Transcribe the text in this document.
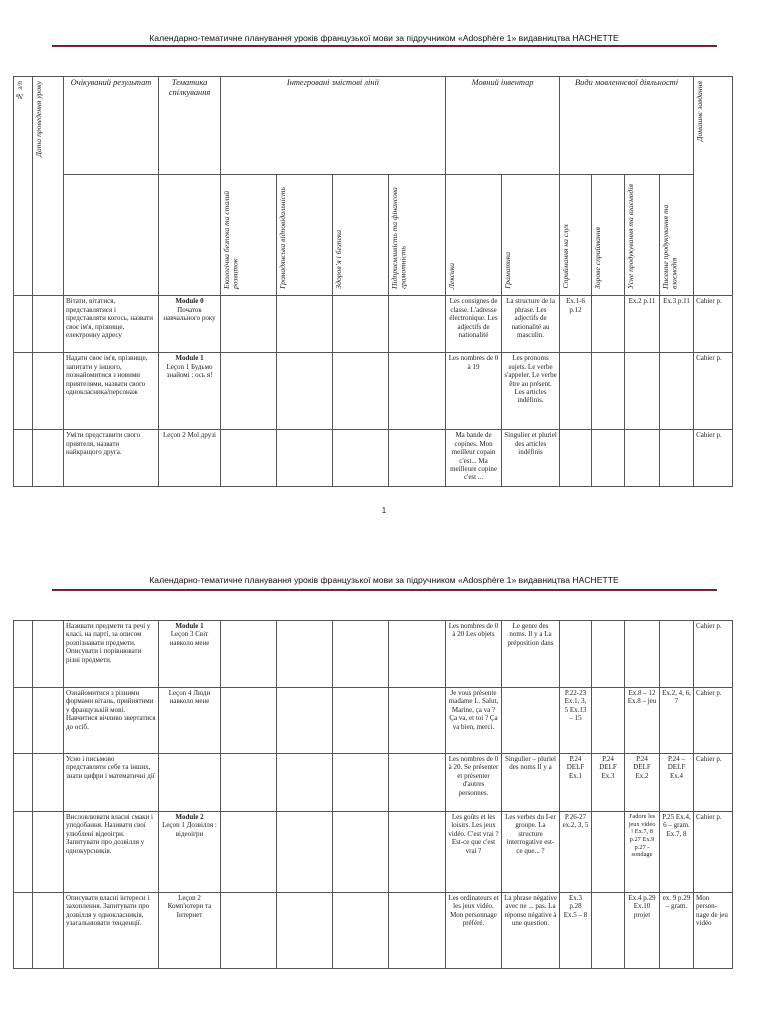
Календарно-тематичне планування уроків французької мови за підручником «Adosphère 1» видавництва HACHETTE
№ з/п	Дата проведення уроку	Очікуваний результат	Тематика спілкування	Інтегровані змістові лінії				Мовний інвентар		Види мовленнєвої діяльності				Домашнє завдання
				Екологічна безпека та сталий розвиток	Громадянська відповідальність	Здоров’я і безпека	Підприємливість та фінансова грамотність	Лексика	Граматика	Сприймання на слух	Зорове сприймання	Усне продукування та взаємодія	Писемне продукування та взаємодія	
		Вітати, вітатися, представлятися і представляти когось, назвати своє ім'я, прізвище, електронну адресу	Module 0
Початок навчального року					Les consignes de classe. L'adresse électronique. Les adjectifs de nationalité	La structure de la phrase. Les adjectifs de nationalité au masculin.	Ex.1-6 p.12		Ex.2 p.11	Ex.3 p.11	Cahier p.
		Надати своє ім'я, прізвище, запитати у іншого, познайомитися з новими приятелями, назвати свого однокласника/персонаж	Module 1
Leçon 1 Будьмо знайомі : ось я!					Les nombres de 0 à 19	Les pronoms sujets. Le verbe s'appeler. Le verbe être au présent. Les articles indéfinis.					Cahier p.
		Уміти представити свого приятеля, назвати найкращого друга.	Leçon 2 Мої друзі					Ma bande de copines. Mon meilleur copain c'est... Ma meilleure copine c'est ...	Singulier et pluriel des articles indéfinis					Cahier p.
1
Календарно-тематичне планування уроків французької мови за підручником «Adosphère 1» видавництва HACHETTE
		Називати предмети та речі у класі, на парті, за описом розпізнавати предмети. Описувати і порівнювати різні предмети.	Module 1
Leçon 3 Світ навколо мене					Les nombres de 0 à 20 Les objets	Le genre des noms. Il y a La préposition dans					Cahier p.
		Ознайомитися з різними формами вітань, прийнятими у французькій мові. Навчитися вічливо звертатися до осіб.	Leçon 4 Люди навколо мене					Je vous présente madame L. Salut, Marine, ça va ? Ça va, et toi ? Ça va bien, merci.		P.22-23 Ex.1, 3, 5 Ex.13 – 15		Ex.8 – 12 Ex.8 – jeu	Ex.2, 4, 6, 7	Cahier p.
		Усно і письмово представляти себе та інших, знати цифри і математичні дії						Les nombres de 0 à 20. Se présenter et présenter d'autres personnes.	Singulier – pluriel des noms Il y a	P.24 DELF Ex.1	P.24 DELF Ex.3	P.24 DELF Ex.2	P.24 – DELF Ex.4	Cahier p.
		Висловлювати власні смаки і уподобання. Називати свої улюблені відеоігри. Запитувати про дозвілля у однокурсників.	Module 2
Leçon 1 Дозвілля : відеоігри					Les goûts et les loisirs. Les jeux vidéo. C'est vrai ? Est-ce que c'est vrai ?	Les verbes du I-er groupe. La structure interrogative est-ce que... ?	P.26-27 ex.2, 3, 5		J'adore les jeux vidéo ! Ex.7, 8 p.27 Ex.9 p.27 - sondage	P.25 Ex.4, 6 – gram. Ex.7, 8	Cahier p.
		Описувати власні інтереси і захоплення. Запитувати про дозвілля у однокласників, узагальнювати тенденції.	Leçon 2 Комп'ютери та Інтернет					Les ordinateurs et les jeux vidéo. Mon personnage préféré.	La phrase négative avec ne ... pas. La réponse négative à une question.	Ex.3 p.28 Ex.5 – 8		Ex.4 p.29 Ex.10 projet	ex. 9 p.29 – gram.	Mon person-nage de jeu vidéo
